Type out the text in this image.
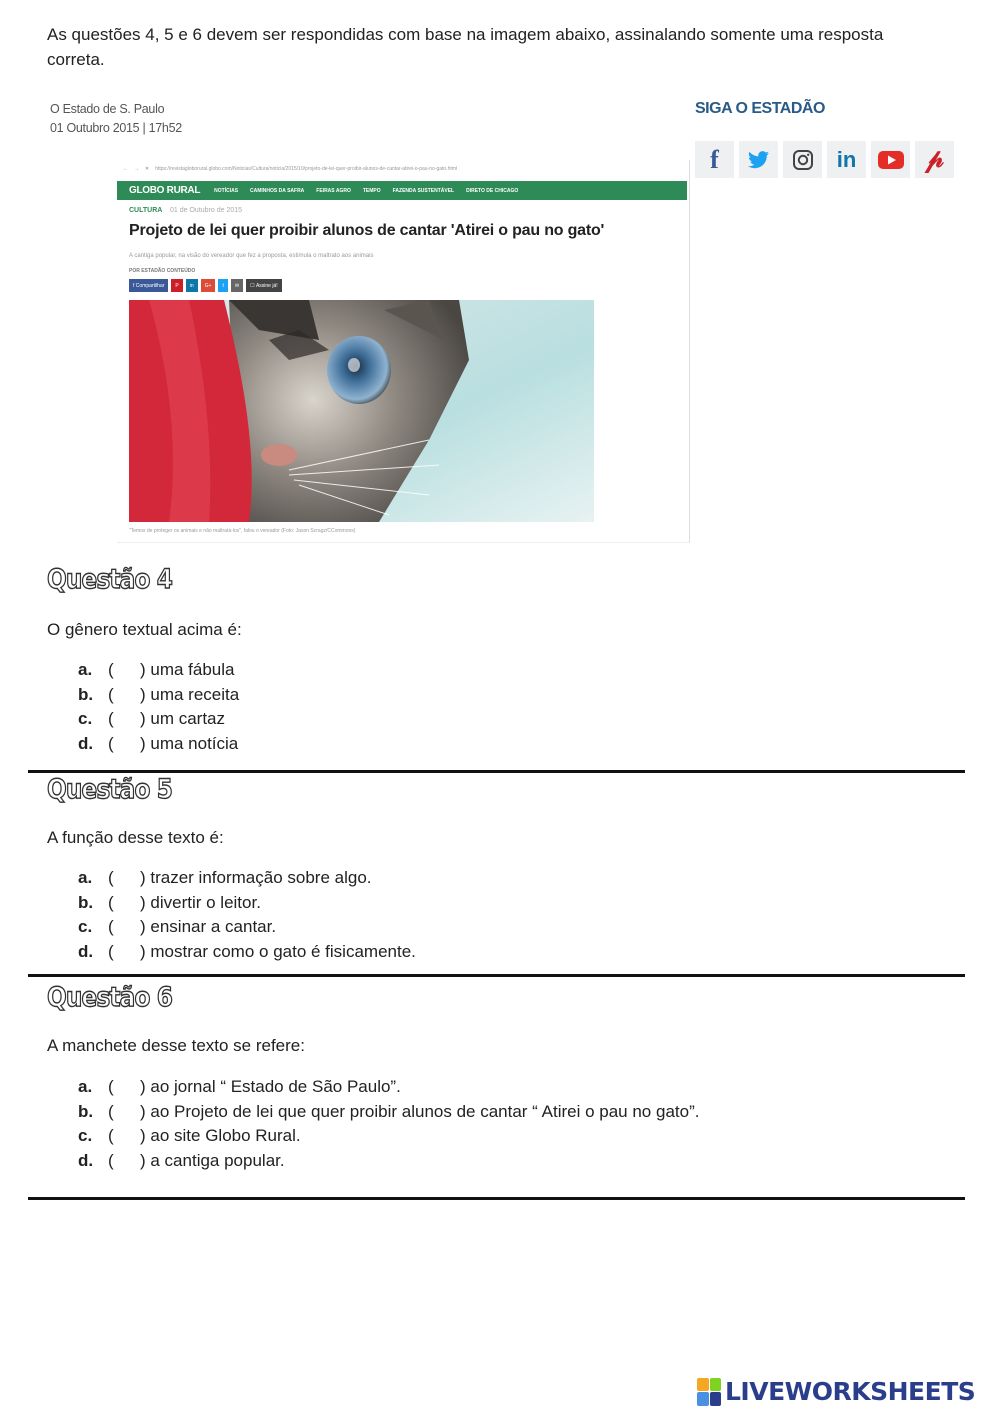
As questões 4, 5 e 6 devem ser respondidas com base na imagem abaixo, assinalando somente uma resposta correta.
O Estado de S. Paulo
01 Outubro 2015 | 17h52
SIGA O ESTADÃO
f	in	𝓅
← → ✕ https://revistagloborural.globo.com/Noticias/Cultura/noticia/2015/10/projeto-de-lei-quer-proibir-alunos-de-cantar-atirei-o-pau-no-gato.html
GLOBO RURAL	NOTÍCIAS CAMINHOS DA SAFRA FEIRAS AGRO TEMPO FAZENDA SUSTENTÁVEL DIRETO DE CHICAGO
CULTURA 01 de Outubro de 2015
Projeto de lei quer proibir alunos de cantar 'Atirei o pau no gato'
A cantiga popular, na visão do vereador que fez a proposta, estimula o maltrato aos animais
POR ESTADÃO CONTEÚDO
f Compartilhar	P	in	G+	t	✉	☐ Assine já!
"Temos de proteger os animais e não maltratá-los", falou o vereador (Foto: Jason Scragz/CCommons)
Questão 4
O gênero textual acima é:
a. (	) uma fábula
b. (	) uma receita
c. (	) um cartaz
d. (	) uma notícia
Questão 5
A função desse texto é:
a. (	) trazer informação sobre algo.
b. (	) divertir o leitor.
c. (	) ensinar a cantar.
d. (	) mostrar como o gato é fisicamente.
Questão 6
A manchete desse texto se refere:
a. (	) ao jornal “ Estado de São Paulo”.
b. (	) ao Projeto de lei que quer proibir alunos de cantar “ Atirei o pau no gato”.
c. (	) ao site Globo Rural.
d. (	) a cantiga popular.
LIVEWORKSHEETS
